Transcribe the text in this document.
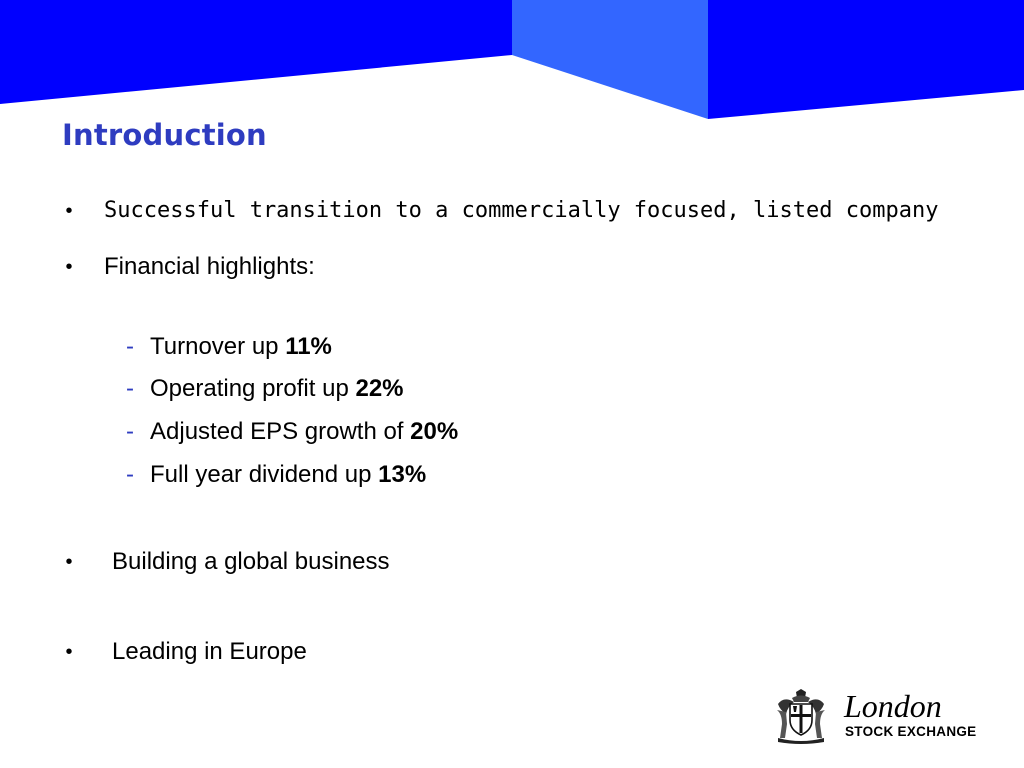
Introduction
• Successful transition to a commercially focused, listed company
• Financial highlights:
- Turnover up 11%
- Operating profit up 22%
- Adjusted EPS growth of 20%
- Full year dividend up 13%
• Building a global business
• Leading in Europe
London
STOCK EXCHANGE
